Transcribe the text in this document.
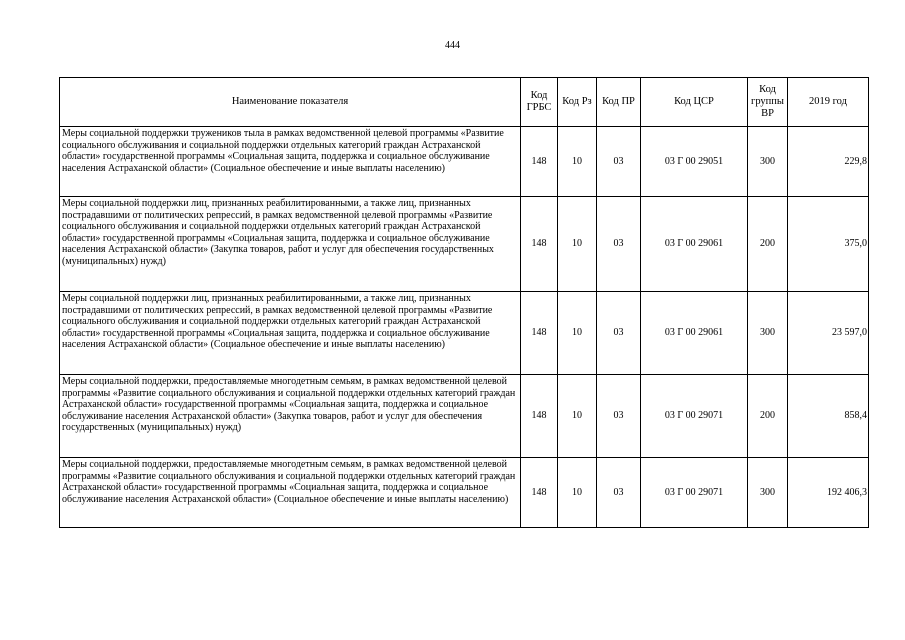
444
Наименование показателя	Код ГРБС	Код Рз	Код ПР	Код ЦСР	Код группы ВР	2019 год
Меры социальной поддержки тружеников тыла в рамках ведомственной целевой программы «Развитие социального обслуживания и социальной поддержки отдельных категорий граждан Астраханской области» государственной программы «Социальная защита, поддержка и социальное обслуживание населения Астраханской области» (Социальное обеспечение и иные выплаты населению)	148	10	03	03 Г 00 29051	300	229,8
Меры социальной поддержки лиц, признанных реабилитированными, а также лиц, признанных пострадавшими от политических репрессий, в рамках ведомственной целевой программы «Развитие социального обслуживания и социальной поддержки отдельных категорий граждан Астраханской области» государственной программы «Социальная защита, поддержка и социальное обслуживание населения Астраханской области» (Закупка товаров, работ и услуг для обеспечения государственных (муниципальных) нужд)	148	10	03	03 Г 00 29061	200	375,0
Меры социальной поддержки лиц, признанных реабилитированными, а также лиц, признанных пострадавшими от политических репрессий, в рамках ведомственной целевой программы «Развитие социального обслуживания и социальной поддержки отдельных категорий граждан Астраханской области» государственной программы «Социальная защита, поддержка и социальное обслуживание населения Астраханской области» (Социальное обеспечение и иные выплаты населению)	148	10	03	03 Г 00 29061	300	23 597,0
Меры социальной поддержки, предоставляемые многодетным семьям, в рамках ведомственной целевой программы «Развитие социального обслуживания и социальной поддержки отдельных категорий граждан Астраханской области» государственной программы «Социальная защита, поддержка и социальное обслуживание населения Астраханской области» (Закупка товаров, работ и услуг для обеспечения государственных (муниципальных) нужд)	148	10	03	03 Г 00 29071	200	858,4
Меры социальной поддержки, предоставляемые многодетным семьям, в рамках ведомственной целевой программы «Развитие социального обслуживания и социальной поддержки отдельных категорий граждан Астраханской области» государственной программы «Социальная защита, поддержка и социальное обслуживание населения Астраханской области» (Социальное обеспечение и иные выплаты населению)	148	10	03	03 Г 00 29071	300	192 406,3
